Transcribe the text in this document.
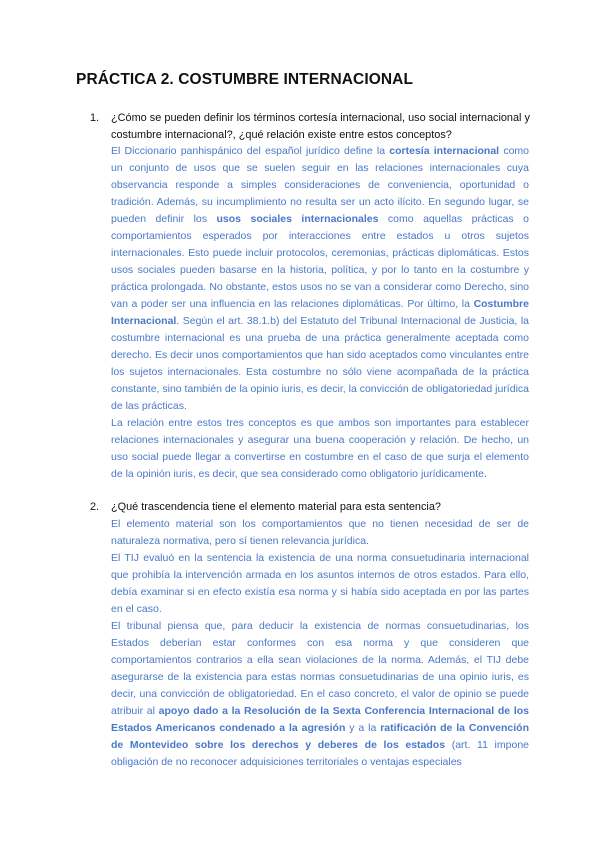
PRÁCTICA 2. COSTUMBRE INTERNACIONAL
1. ¿Cómo se pueden definir los términos cortesía internacional, uso social internacional y costumbre internacional?, ¿qué relación existe entre estos conceptos?

El Diccionario panhispánico del español jurídico define la cortesía internacional como un conjunto de usos que se suelen seguir en las relaciones internacionales cuya observancia responde a simples consideraciones de conveniencia, oportunidad o tradición. Además, su incumplimiento no resulta ser un acto ilícito. En segundo lugar, se pueden definir los usos sociales internacionales como aquellas prácticas o comportamientos esperados por interacciones entre estados u otros sujetos internacionales. Esto puede incluir protocolos, ceremonias, prácticas diplomáticas. Estos usos sociales pueden basarse en la historia, política, y por lo tanto en la costumbre y práctica prolongada. No obstante, estos usos no se van a considerar como Derecho, sino van a poder ser una influencia en las relaciones diplomáticas. Por último, la Costumbre Internacional. Según el art. 38.1.b) del Estatuto del Tribunal Internacional de Justicia, la costumbre internacional es una prueba de una práctica generalmente aceptada como derecho. Es decir unos comportamientos que han sido aceptados como vinculantes entre los sujetos internacionales. Esta costumbre no sólo viene acompañada de la práctica constante, sino también de la opinio iuris, es decir, la convicción de obligatoriedad jurídica de las prácticas.

La relación entre estos tres conceptos es que ambos son importantes para establecer relaciones internacionales y asegurar una buena cooperación y relación. De hecho, un uso social puede llegar a convertirse en costumbre en el caso de que surja el elemento de la opinión iuris, es decir, que sea considerado como obligatorio jurídicamente.

2. ¿Qué trascendencia tiene el elemento material para esta sentencia?

El elemento material son los comportamientos que no tienen necesidad de ser de naturaleza normativa, pero sí tienen relevancia jurídica.

El TIJ evaluó en la sentencia la existencia de una norma consuetudinaria internacional que prohibía la intervención armada en los asuntos internos de otros estados. Para ello, debía examinar si en efecto existía esa norma y si había sido aceptada en por las partes en el caso.

El tribunal piensa que, para deducir la existencia de normas consuetudinarias, los Estados deberían estar conformes con esa norma y que consideren que comportamientos contrarios a ella sean violaciones de la norma. Además, el TIJ debe asegurarse de la existencia para estas normas consuetudinarias de una opinio iuris, es decir, una convicción de obligatoriedad. En el caso concreto, el valor de opinio se puede atribuir al apoyo dado a la Resolución de la Sexta Conferencia Internacional de los Estados Americanos condenado a la agresión y a la ratificación de la Convención de Montevideo sobre los derechos y deberes de los estados (art. 11 impone obligación de no reconocer adquisiciones territoriales o ventajas especiales
